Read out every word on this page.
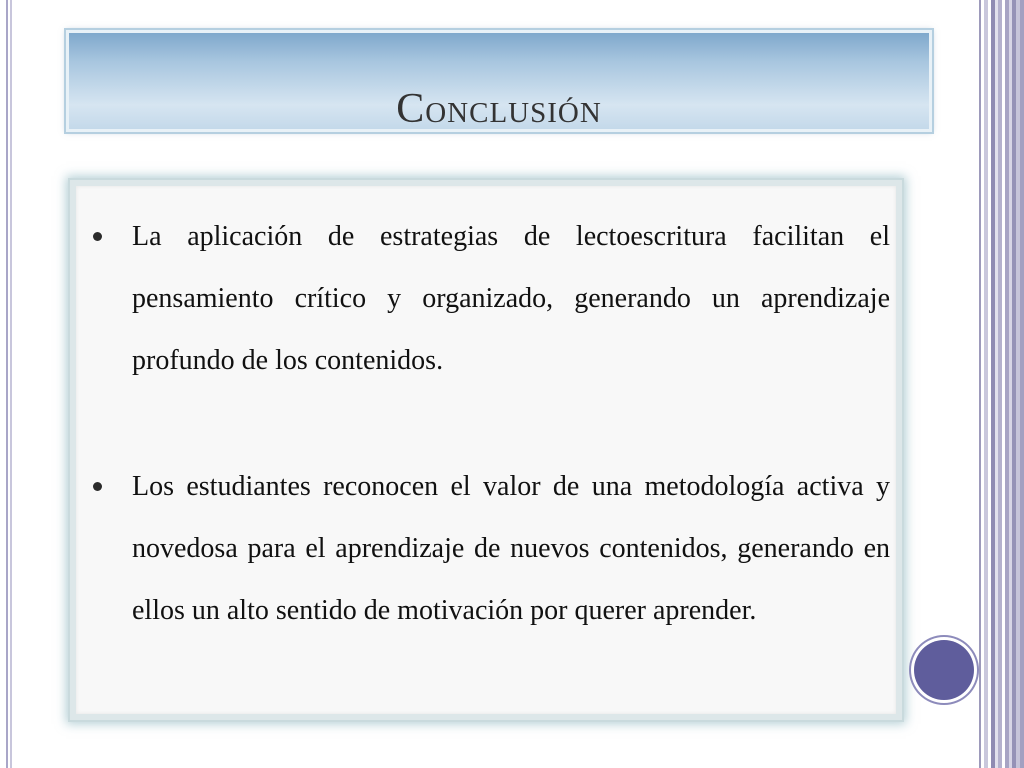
Conclusión
La aplicación de estrategias de lectoescritura facilitan el pensamiento crítico y organizado, generando un aprendizaje profundo de los contenidos.
Los estudiantes reconocen el valor de una metodología activa y novedosa para el aprendizaje de nuevos contenidos, generando en ellos un alto sentido de motivación por querer aprender.
